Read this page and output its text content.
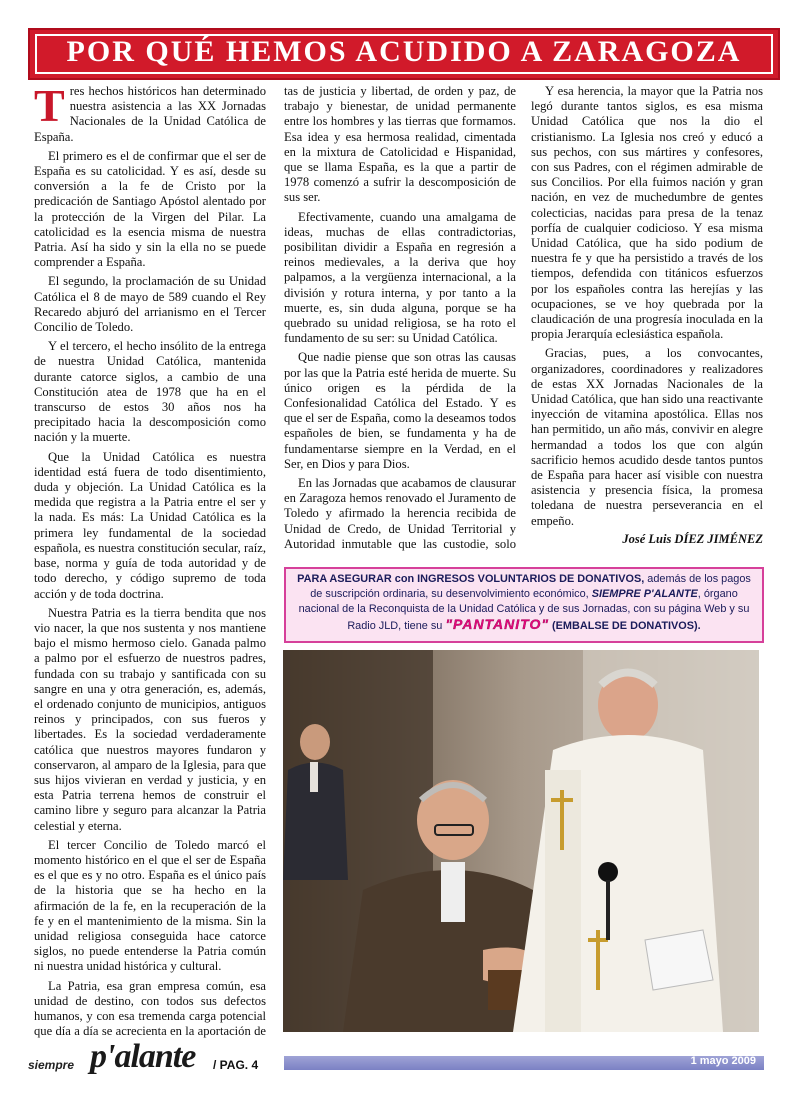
POR QUÉ HEMOS ACUDIDO A ZARAGOZA

Tres hechos históricos han determinado nuestra asistencia a las XX Jornadas Nacionales de la Unidad Católica de España.

El primero es el de confirmar que el ser de España es su catolicidad. Y es así, desde su conversión a la fe de Cristo por la predicación de Santiago Apóstol alentado por la protección de la Virgen del Pilar. La catolicidad es la esencia misma de nuestra Patria. Así ha sido y sin la ella no se puede comprender a España.

El segundo, la proclamación de su Unidad Católica el 8 de mayo de 589 cuando el Rey Recaredo abjuró del arrianismo en el Tercer Concilio de Toledo.

Y el tercero, el hecho insólito de la entrega de nuestra Unidad Católica, mantenida durante catorce siglos, a cambio de una Constitución atea de 1978 que ha en el transcurso de estos 30 años nos ha precipitado hacia la descomposición como nación y la muerte.

Que la Unidad Católica es nuestra identidad está fuera de todo disentimiento, duda y objeción. La Unidad Católica es la medida que registra a la Patria entre el ser y la nada. Es más: La Unidad Católica es la primera ley fundamental de la sociedad española, es nuestra constitución secular, raíz, base, norma y guía de toda autoridad y de todo derecho, y código supremo de toda acción y de toda doctrina.

Nuestra Patria es la tierra bendita que nos vio nacer, la que nos sustenta y nos mantiene bajo el mismo hermoso cielo. Ganada palmo a palmo por el esfuerzo de nuestros padres, fundada con su trabajo y santificada con su sangre en una y otra generación, es, además, el ordenado conjunto de municipios, antiguos reinos y principados, con sus fueros y libertades. Es la sociedad verdaderamente católica que nuestros mayores fundaron y conservaron, al amparo de la Iglesia, para que sus hijos vivieran en verdad y justicia, y en esta Patria terrena hemos de construir el camino libre y seguro para alcanzar la Patria celestial y eterna.

El tercer Concilio de Toledo marcó el momento histórico en el que el ser de España es el que es y no otro. España es el único país de la historia que se ha hecho en la afirmación de la fe, en la recuperación de la fe y en el mantenimiento de la misma. Sin la unidad religiosa conseguida hace catorce siglos, no puede entenderse la Patria común ni nuestra unidad histórica y cultural.

La Patria, esa gran empresa común, esa unidad de destino, con todos sus defectos humanos, y con esa tremenda carga potencial que día a día se acrecienta en la aportación de

tas de justicia y libertad, de orden y paz, de trabajo y bienestar, de unidad permanente entre los hombres y las tierras que formamos. Esa idea y esa hermosa realidad, cimentada en la mixtura de Catolicidad e Hispanidad, que se llama España, es la que a partir de 1978 comenzó a sufrir la descomposición de sus ser.

Efectivamente, cuando una amalgama de ideas, muchas de ellas contradictorias, posibilitan dividir a España en regresión a reinos medievales, a la deriva que hoy palpamos, a la vergüenza internacional, a la división y rotura interna, y por tanto a la muerte, es, sin duda alguna, porque se ha quebrado su unidad religiosa, se ha roto el fundamento de su ser: su Unidad Católica.

Que nadie piense que son otras las causas por las que la Patria esté herida de muerte. Su único origen es la pérdida de la Confesionalidad Católica del Estado. Y es que el ser de España, como la deseamos todos españoles de bien, se fundamenta y ha de fundamentarse siempre en la Verdad, en el Ser, en Dios y para Dios.

En las Jornadas que acabamos de clausurar en Zaragoza hemos renovado el Juramento de Toledo y afirmado la herencia recibida de Unidad de Credo, de Unidad Territorial y Autoridad inmutable que las custodie, solo

Y esa herencia, la mayor que la Patria nos legó durante tantos siglos, es esa misma Unidad Católica que nos la dio el cristianismo. La Iglesia nos creó y educó a sus pechos, con sus mártires y confesores, con sus Padres, con el régimen admirable de sus Concilios. Por ella fuimos nación y gran nación, en vez de muchedumbre de gentes colecticias, nacidas para presa de la tenaz porfía de cualquier codicioso. Y esa misma Unidad Católica, que ha sido podium de nuestra fe y que ha persistido a través de los tiempos, defendida con titánicos esfuerzos por los españoles contra las herejías y las ocupaciones, se ve hoy quebrada por la claudicación de una progresía inoculada en la propia Jerarquía eclesiástica española.

Gracias, pues, a los convocantes, organizadores, coordinadores y realizadores de estas XX Jornadas Nacionales de la Unidad Católica, que han sido una reactivante inyección de vitamina apostólica. Ellas nos han permitido, un año más, convivir en alegre hermandad a todos los que con algún sacrificio hemos acudido desde tantos puntos de España para hacer así visible con nuestra asistencia y presencia física, la promesa toledana de nuestra perseverancia en el empeño.

José Luis DÍEZ JIMÉNEZ
PARA ASEGURAR con INGRESOS VOLUNTARIOS DE DONATIVOS, además de los pagos de suscripción ordinaria, su desenvolvimiento económico, SIEMPRE P'ALANTE, órgano nacional de la Reconquista de la Unidad Católica y de sus Jornadas, con su página Web y su Radio JLD, tiene su "PANTANITO" (EMBALSE DE DONATIVOS).
1 mayo 2009
siempre p'alante / PAG. 4
